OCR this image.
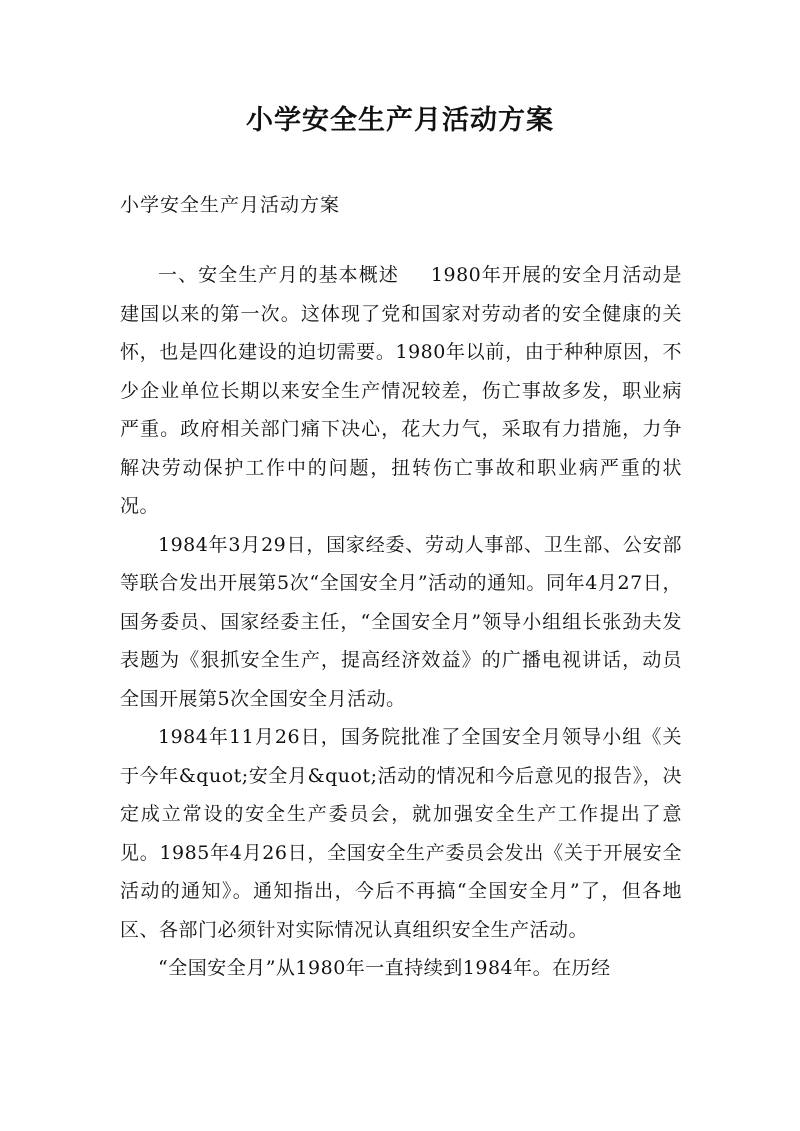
小学安全生产月活动方案

小学安全生产月活动方案

一、安全生产月的基本概述 1980年开展的安全月活动是建国以来的第一次。这体现了党和国家对劳动者的安全健康的关怀，也是四化建设的迫切需要。1980年以前，由于种种原因，不少企业单位长期以来安全生产情况较差，伤亡事故多发，职业病严重。政府相关部门痛下决心，花大力气，采取有力措施，力争解决劳动保护工作中的问题，扭转伤亡事故和职业病严重的状况。

1984年3月29日，国家经委、劳动人事部、卫生部、公安部等联合发出开展第5次“全国安全月”活动的通知。同年4月27日，国务委员、国家经委主任，“全国安全月”领导小组组长张劲夫发表题为《狠抓安全生产，提高经济效益》的广播电视讲话，动员全国开展第5次全国安全月活动。

1984年11月26日，国务院批准了全国安全月领导小组《关于今年&quot;安全月&quot;活动的情况和今后意见的报告》，决定成立常设的安全生产委员会，就加强安全生产工作提出了意见。1985年4月26日，全国安全生产委员会发出《关于开展安全活动的通知》。通知指出，今后不再搞“全国安全月”了，但各地区、各部门必须针对实际情况认真组织安全生产活动。

“全国安全月”从1980年一直持续到1984年。在历经
